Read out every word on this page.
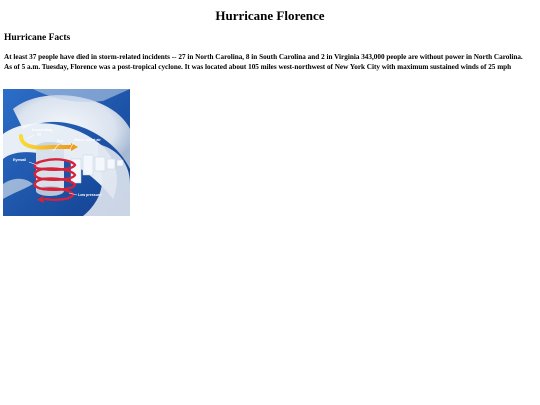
Hurricane Florence
Hurricane Facts

At least 37 people have died in storm-related incidents -- 27 in North Carolina, 8 in South Carolina and 2 in Virginia 343,000 people are without power in North Carolina. As of 5 a.m. Tuesday, Florence was a post-tropical cyclone. It was located about 105 miles west-northwest of New York City with maximum sustained winds of 25 mph

Descending
air
Eye	Warm, moist air
Eyewall
Low pressure
